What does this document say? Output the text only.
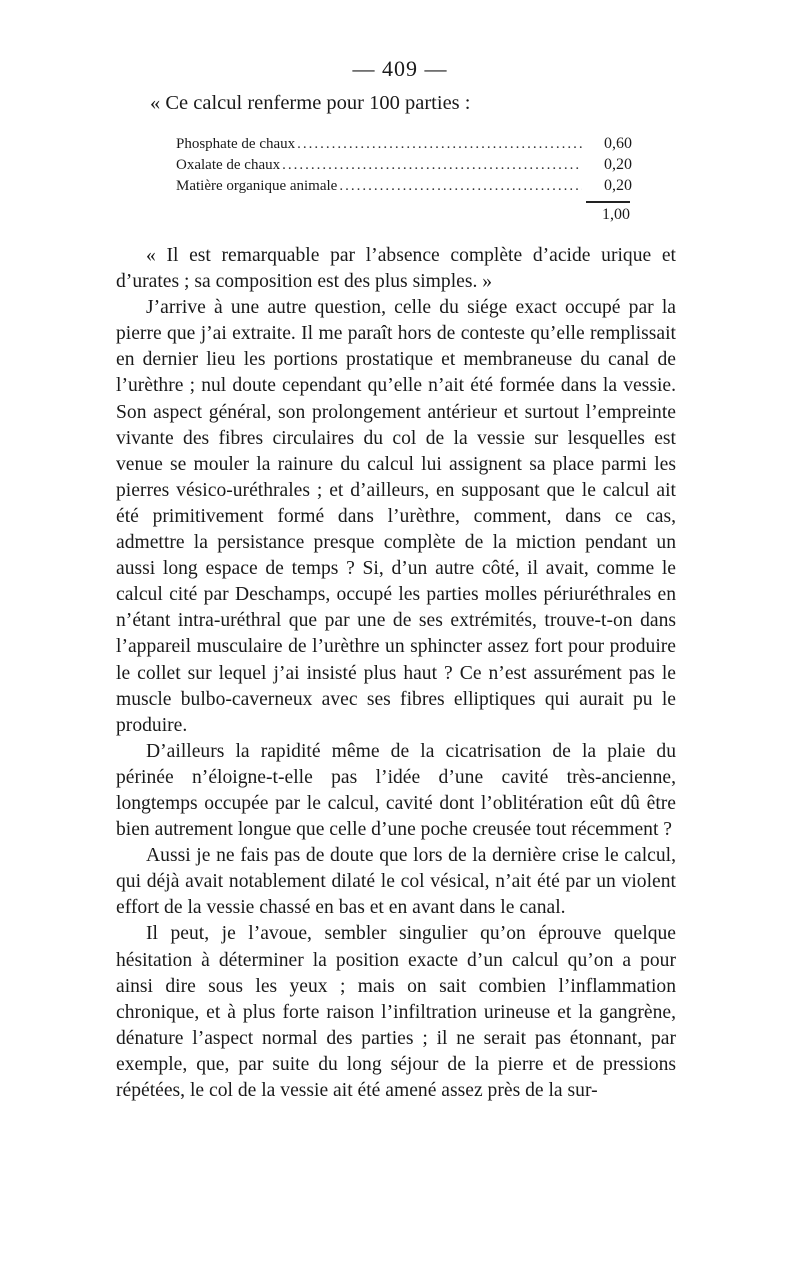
— 409 —
« Ce calcul renferme pour 100 parties :
Phosphate de chaux .....	0,60
Oxalate de chaux .....	0,20
Matière organique animale .....	0,20
1,00

« Il est remarquable par l’absence complète d’acide urique et d’urates ; sa composition est des plus simples. »

J’arrive à une autre question, celle du siége exact occupé par la pierre que j’ai extraite. Il me paraît hors de conteste qu’elle remplissait en dernier lieu les portions prostatique et membraneuse du canal de l’urèthre ; nul doute cependant qu’elle n’ait été formée dans la vessie. Son aspect général, son prolongement antérieur et surtout l’empreinte vivante des fibres circulaires du col de la vessie sur lesquelles est venue se mouler la rainure du calcul lui assignent sa place parmi les pierres vésico-uréthrales ; et d’ailleurs, en supposant que le calcul ait été primitivement formé dans l’urèthre, comment, dans ce cas, admettre la persistance presque complète de la miction pendant un aussi long espace de temps ? Si, d’un autre côté, il avait, comme le calcul cité par Deschamps, occupé les parties molles périuréthrales en n’étant intra-uréthral que par une de ses extrémités, trouve-t-on dans l’appareil musculaire de l’urèthre un sphincter assez fort pour produire le collet sur lequel j’ai insisté plus haut ? Ce n’est assurément pas le muscle bulbo-caverneux avec ses fibres elliptiques qui aurait pu le produire.

D’ailleurs la rapidité même de la cicatrisation de la plaie du périnée n’éloigne-t-elle pas l’idée d’une cavité très-ancienne, longtemps occupée par le calcul, cavité dont l’oblitération eût dû être bien autrement longue que celle d’une poche creusée tout récemment ?

Aussi je ne fais pas de doute que lors de la dernière crise le calcul, qui déjà avait notablement dilaté le col vésical, n’ait été par un violent effort de la vessie chassé en bas et en avant dans le canal.

Il peut, je l’avoue, sembler singulier qu’on éprouve quelque hésitation à déterminer la position exacte d’un calcul qu’on a pour ainsi dire sous les yeux ; mais on sait combien l’inflammation chronique, et à plus forte raison l’infiltration urineuse et la gangrène, dénature l’aspect normal des parties ; il ne serait pas étonnant, par exemple, que, par suite du long séjour de la pierre et de pressions répétées, le col de la vessie ait été amené assez près de la sur-
